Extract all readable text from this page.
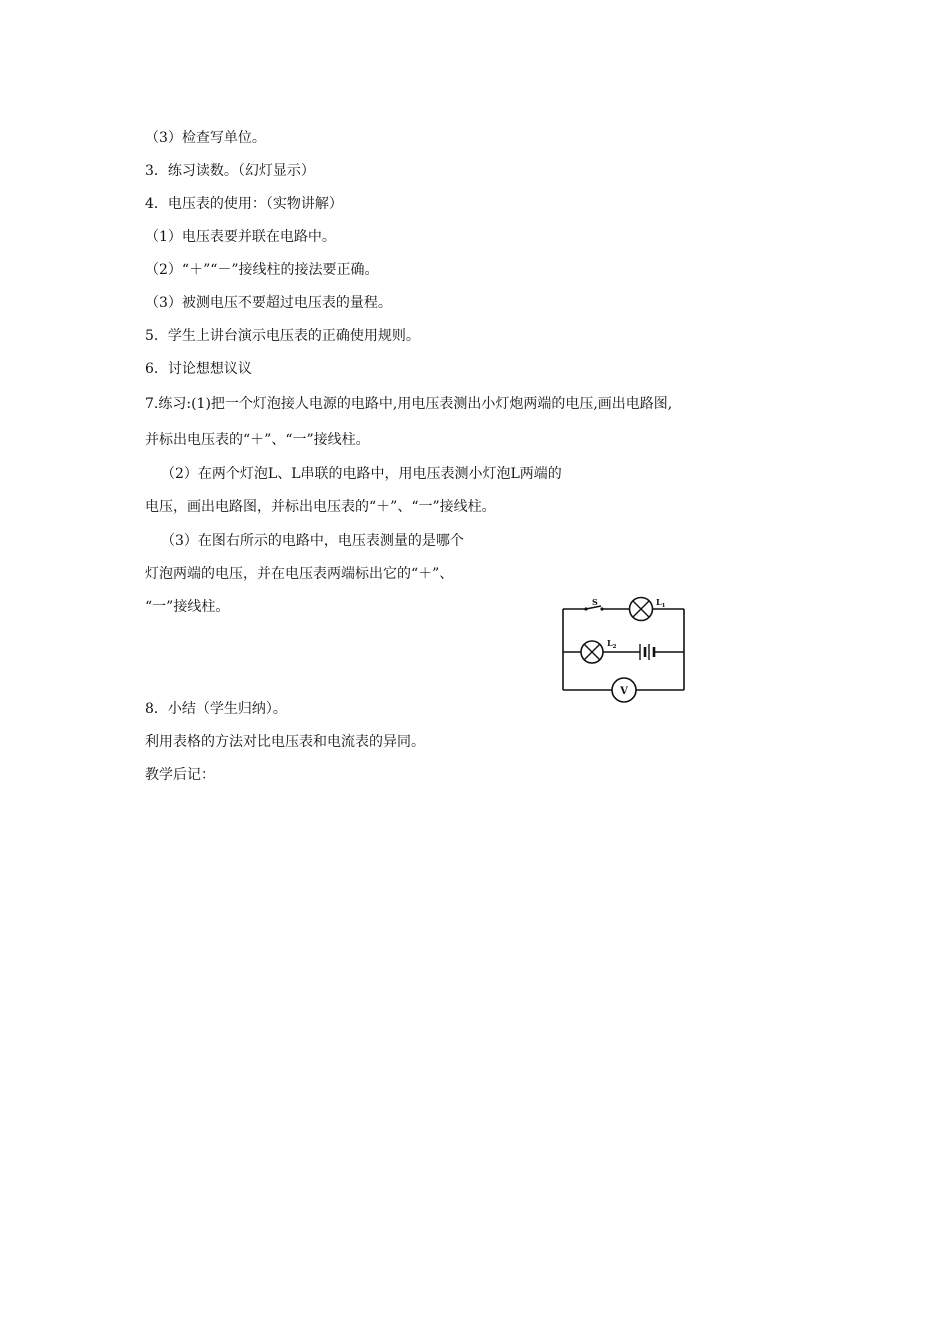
（3）检查写单位。
3．练习读数。（幻灯显示）
4．电压表的使用：（实物讲解）
（1）电压表要并联在电路中。
（2）“＋”“－”接线柱的接法要正确。
（3）被测电压不要超过电压表的量程。
5．学生上讲台演示电压表的正确使用规则。
6．讨论想想议议
7.练习:(1)把一个灯泡接人电源的电路中,用电压表测出小灯炮两端的电压,画出电路图,
并标出电压表的“＋”、“一”接线柱。
（2）在两个灯泡L、L串联的电路中，用电压表测小灯泡L两端的
电压，画出电路图，并标出电压表的“＋”、“一”接线柱。
（3）在图右所示的电路中，电压表测量的是哪个
灯泡两端的电压，并在电压表两端标出它的“＋”、
“一”接线柱。
8．小结（学生归纳）。
利用表格的方法对比电压表和电流表的异同。
教学后记：
S	$L_1$
$L_2$
V
